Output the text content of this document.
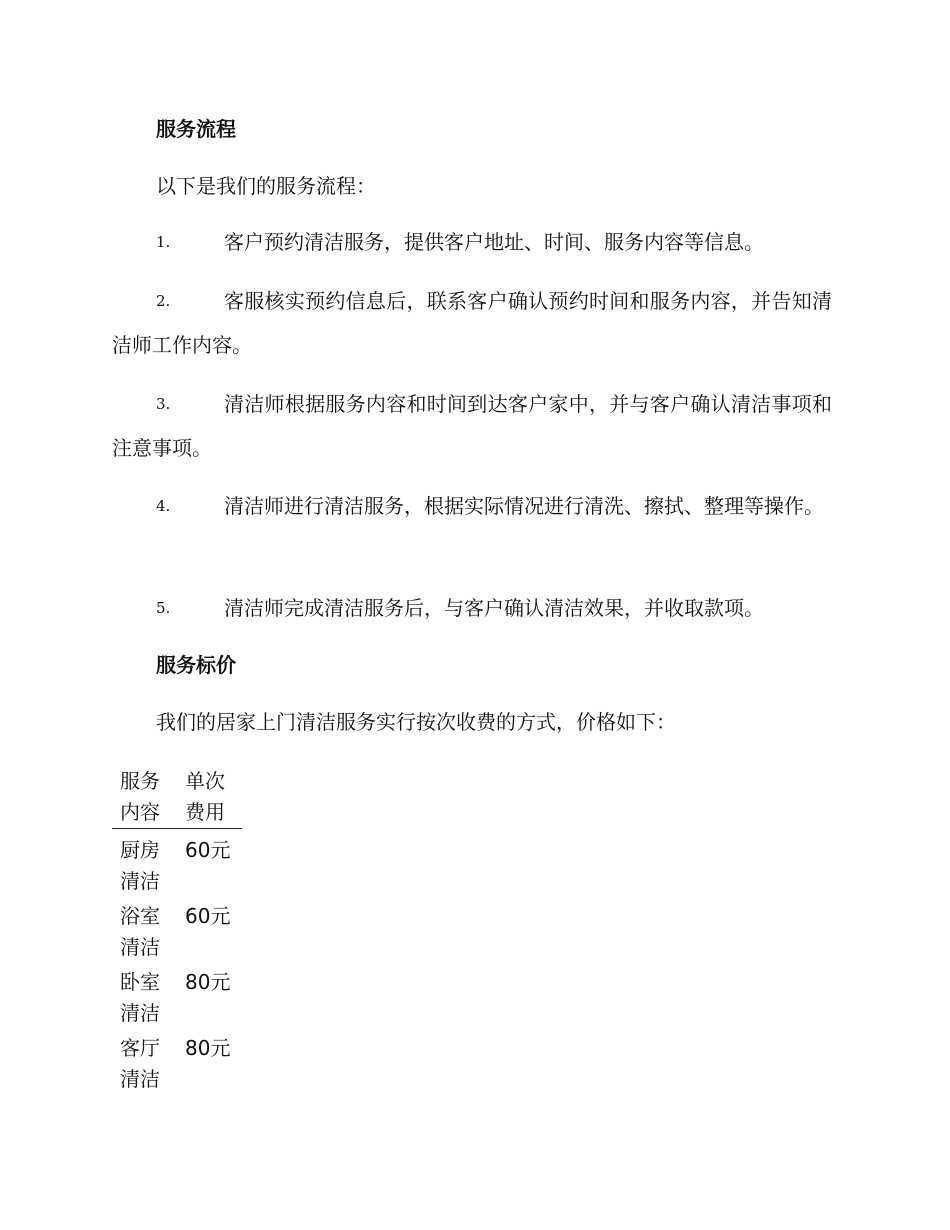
服务流程

以下是我们的服务流程：

1.	客户预约清洁服务，提供客户地址、时间、服务内容等信息。
2.	客服核实预约信息后，联系客户确认预约时间和服务内容，并告知清洁师工作内容。
3.	清洁师根据服务内容和时间到达客户家中，并与客户确认清洁事项和注意事项。
4.	清洁师进行清洁服务，根据实际情况进行清洗、擦拭、整理等操作。
5.	清洁师完成清洁服务后，与客户确认清洁效果，并收取款项。
服务标价

我们的居家上门清洁服务实行按次收费的方式，价格如下：

服务内容	单次费用
厨房清洁	60元
浴室清洁	60元
卧室清洁	80元
客厅清洁	80元
